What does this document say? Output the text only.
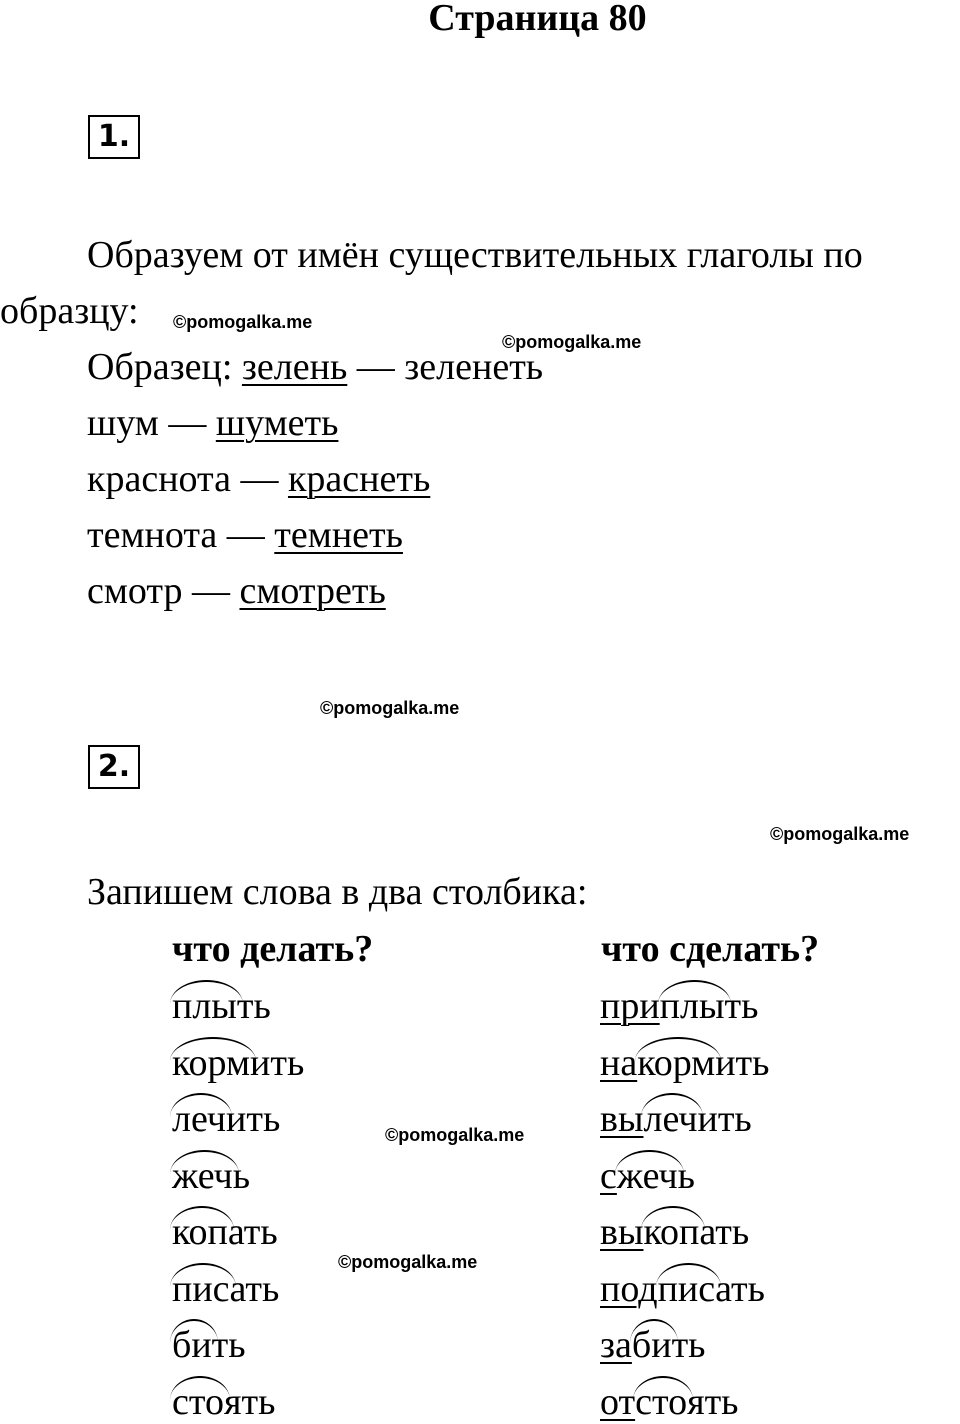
Страница 80
1.
Образуем от имён существительных глаголы по
образцу:
Образец: зелень — зеленеть
шум — шуметь
краснота — краснеть
темнота — темнеть
смотр — смотреть
2.
Запишем слова в два столбика:
что делать?	что сделать?
плыть
кормить
лечить
жечь
копать
писать
бить
стоять
приплыть
накормить
вылечить
сжечь
выкопать
подписать
забить
отстоять
©pomogalka.me
©pomogalka.me
©pomogalka.me
©pomogalka.me
©pomogalka.me
©pomogalka.me
